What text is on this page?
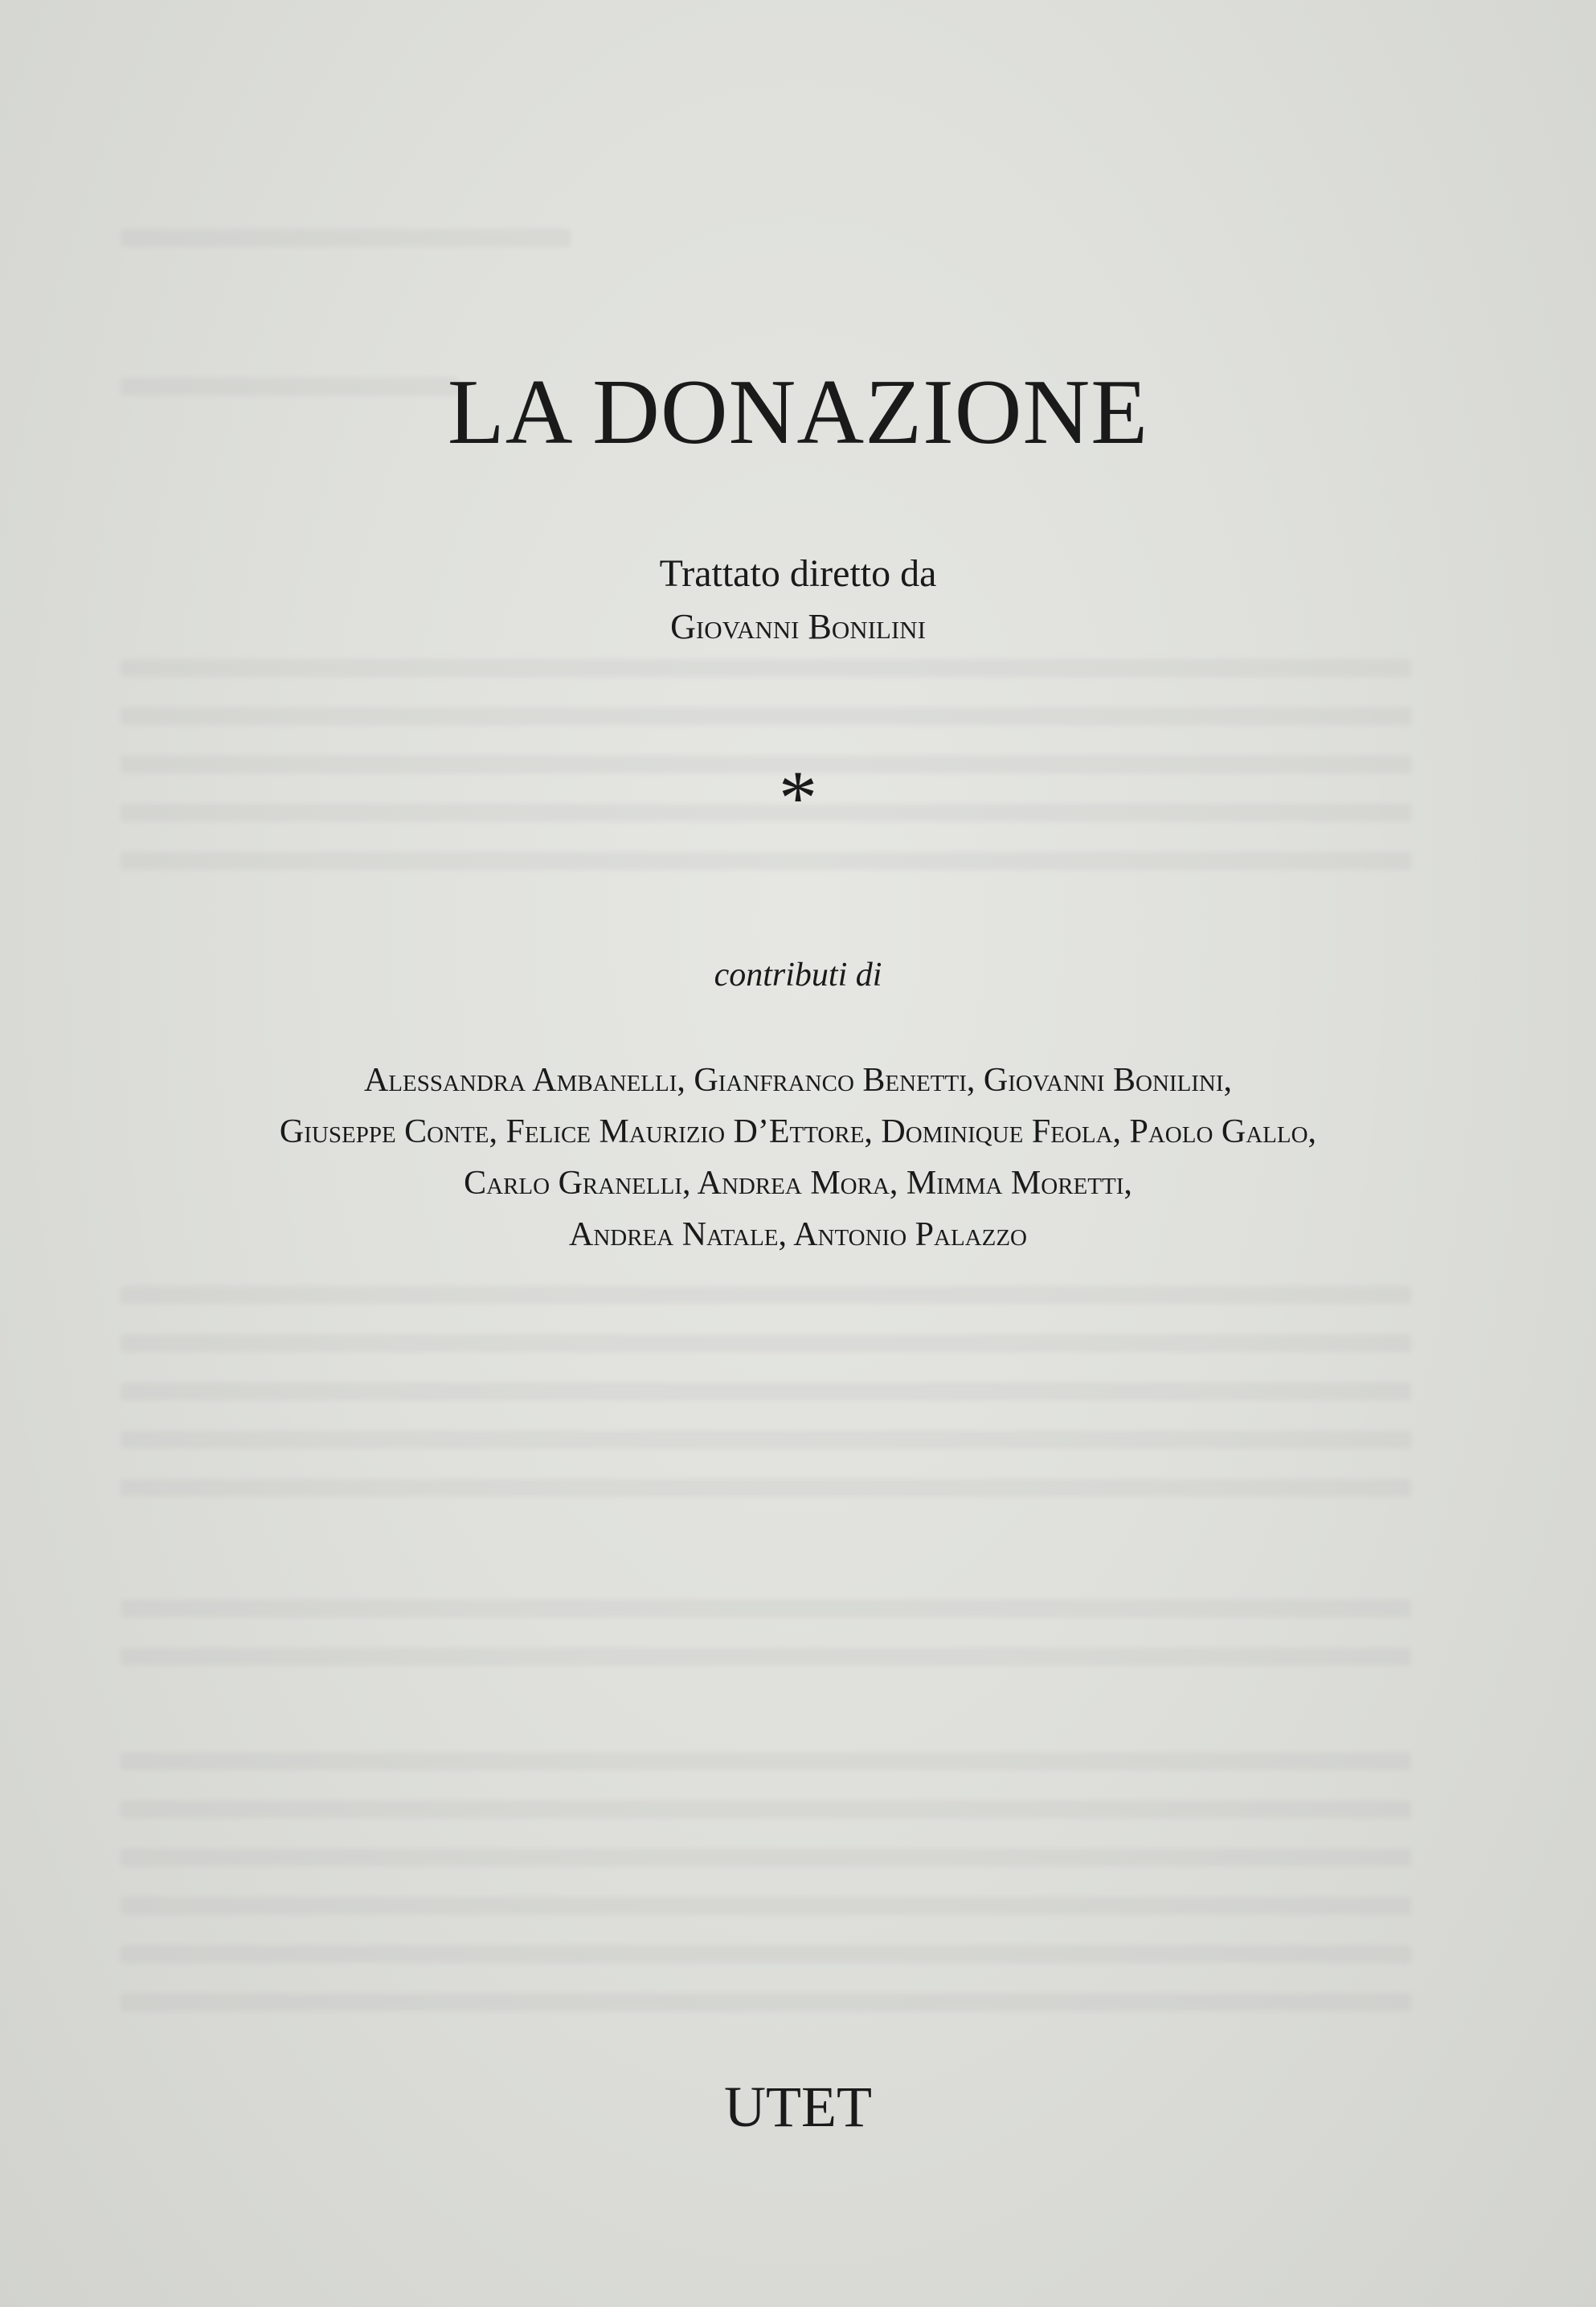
LA DONAZIONE
Trattato diretto da
Giovanni Bonilini
*
contributi di
Alessandra Ambanelli, Gianfranco Benetti, Giovanni Bonilini,
Giuseppe Conte, Felice Maurizio D’Ettore, Dominique Feola, Paolo Gallo,
Carlo Granelli, Andrea Mora, Mimma Moretti,
Andrea Natale, Antonio Palazzo
UTET
